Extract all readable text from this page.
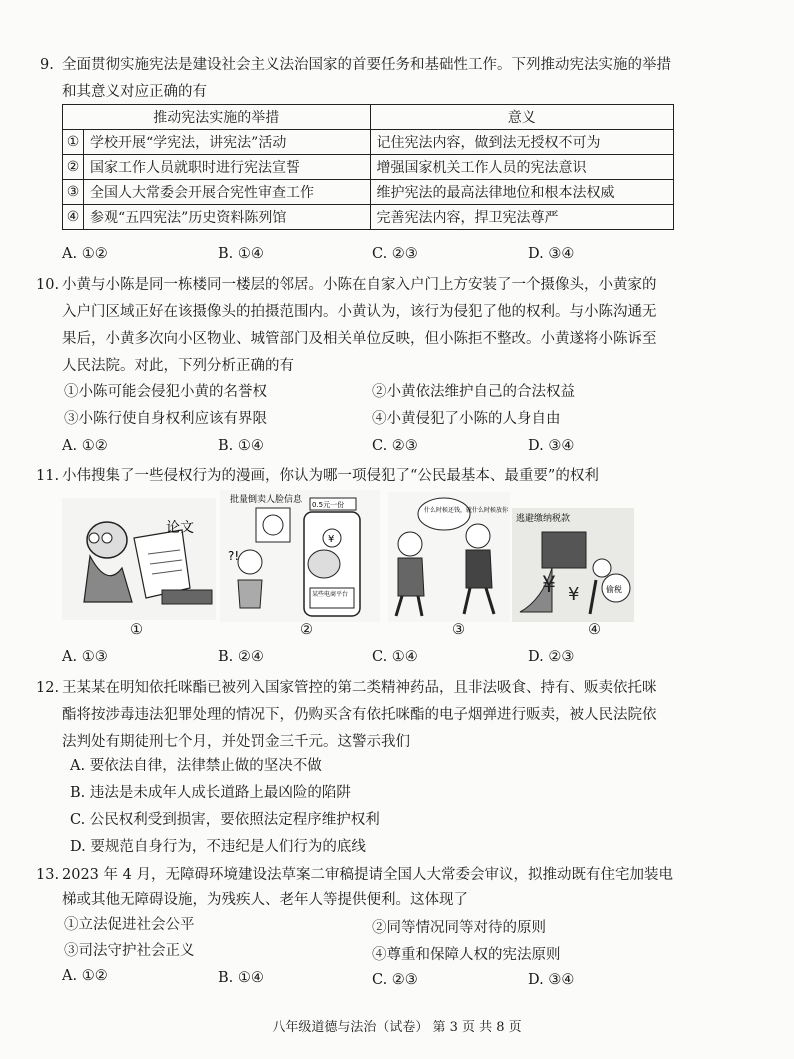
9. 全面贯彻实施宪法是建设社会主义法治国家的首要任务和基础性工作。下列推动宪法实施的举措
和其意义对应正确的有
推动宪法实施的举措		意义
①	学校开展“学宪法，讲宪法”活动	记住宪法内容，做到法无授权不可为
②	国家工作人员就职时进行宪法宣誓	增强国家机关工作人员的宪法意识
③	全国人大常委会开展合宪性审查工作	维护宪法的最高法律地位和根本法权威
④	参观“五四宪法”历史资料陈列馆	完善宪法内容，捍卫宪法尊严
A. ①②	B. ①④	C. ②③	D. ③④
10. 小黄与小陈是同一栋楼同一楼层的邻居。小陈在自家入户门上方安装了一个摄像头，小黄家的
入户门区域正好在该摄像头的拍摄范围内。小黄认为，该行为侵犯了他的权利。与小陈沟通无
果后，小黄多次向小区物业、城管部门及相关单位反映，但小陈拒不整改。小黄遂将小陈诉至
人民法院。对此，下列分析正确的有
①小陈可能会侵犯小黄的名誉权	②小黄依法维护自己的合法权益
③小陈行使自身权利应该有界限	④小黄侵犯了小陈的人身自由
A. ①②	B. ①④	C. ②③	D. ③④
11. 小伟搜集了一些侵权行为的漫画，你认为哪一项侵犯了“公民最基本、最重要”的权利
论文
①
批量倒卖人脸信息
?!
0.5元一份
¥
某些电商平台
②
什么时候还钱，就什么时候放你
③
逃避缴纳税款
¥ ¥	偷税
④
A. ①③	B. ②④	C. ①④	D. ②③
12. 王某某在明知依托咪酯已被列入国家管控的第二类精神药品，且非法吸食、持有、贩卖依托咪
酯将按涉毒违法犯罪处理的情况下，仍购买含有依托咪酯的电子烟弹进行贩卖，被人民法院依
法判处有期徒刑七个月，并处罚金三千元。这警示我们
A. 要依法自律，法律禁止做的坚决不做
B. 违法是未成年人成长道路上最凶险的陷阱
C. 公民权利受到损害，要依照法定程序维护权利
D. 要规范自身行为，不违纪是人们行为的底线
13. 2023 年 4 月，无障碍环境建设法草案二审稿提请全国人大常委会审议，拟推动既有住宅加装电
梯或其他无障碍设施，为残疾人、老年人等提供便利。这体现了
①立法促进社会公平	②同等情况同等对待的原则
③司法守护社会正义	④尊重和保障人权的宪法原则
A. ①②	B. ①④	C. ②③	D. ③④
八年级道德与法治（试卷） 第 3 页 共 8 页
